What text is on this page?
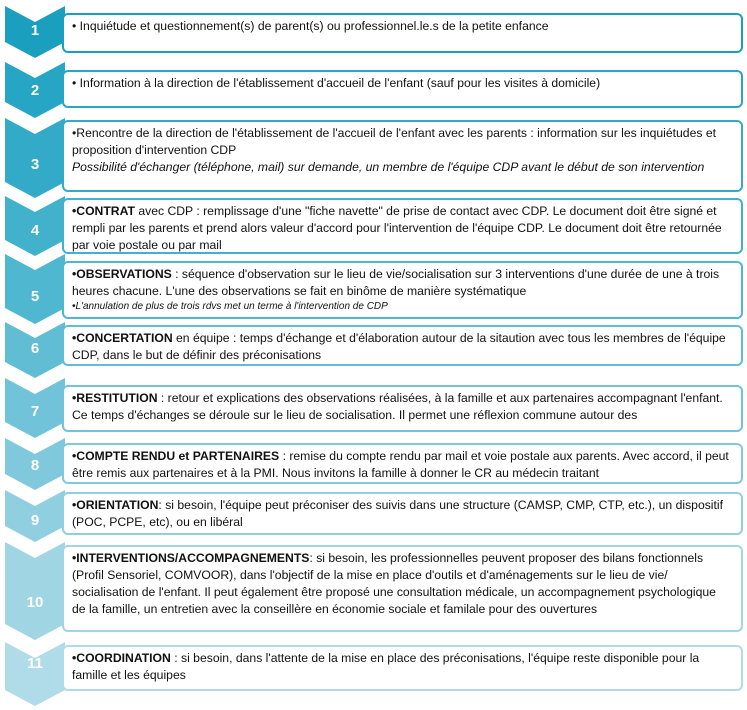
1	• Inquiétude et questionnement(s) de parent(s) ou professionnel.le.s de la petite enfance

2	• Information à la direction de l'établissement d'accueil de l'enfant (sauf pour les visites à domicile)

3

•Rencontre de la direction de l'établissement de l'accueil de l'enfant avec les parents : information sur les inquiétudes et proposition d'intervention CDP

Possibilité d'échanger (téléphone, mail) sur demande, un membre de l'équipe CDP avant le début de son intervention

4

•CONTRAT avec CDP : remplissage d'une "fiche navette" de prise de contact avec CDP. Le document doit être signé et rempli par les parents et prend alors valeur d'accord pour l'intervention de l'équipe CDP. Le document doit être retournée par voie postale ou par mail

5

•OBSERVATIONS : séquence d'observation sur le lieu de vie/socialisation sur 3 interventions d'une durée de une à trois heures chacune. L'une des observations se fait en binôme de manière systématique

•L'annulation de plus de trois rdvs met un terme à l'intervention de CDP

6

•CONCERTATION en équipe : temps d'échange et d'élaboration autour de la sitaution avec tous les membres de l'équipe CDP, dans le but de définir des préconisations

7

•RESTITUTION : retour et explications des observations réalisées, à la famille et aux partenaires accompagnant l'enfant. Ce temps d'échanges se déroule sur le lieu de socialisation. Il permet une réflexion commune autour des

8

•COMPTE RENDU et PARTENAIRES : remise du compte rendu par mail et voie postale aux parents. Avec accord, il peut être remis aux partenaires et à la PMI. Nous invitons la famille à donner le CR au médecin traitant

9

•ORIENTATION: si besoin, l'équipe peut préconiser des suivis dans une structure (CAMSP, CMP, CTP, etc.), un dispositif (POC, PCPE, etc), ou en libéral

10

•INTERVENTIONS/ACCOMPAGNEMENTS: si besoin, les professionnelles peuvent proposer des bilans fonctionnels (Profil Sensoriel, COMVOOR), dans l'objectif de la mise en place d'outils et d'aménagements sur le lieu de vie/ socialisation de l'enfant. Il peut également être proposé une consultation médicale, un accompagnement psychologique de la famille, un entretien avec la conseillère en économie sociale et familale pour des ouvertures

11	•COORDINATION : si besoin, dans l'attente de la mise en place des préconisations, l'équipe reste disponible pour la famille et les équipes
